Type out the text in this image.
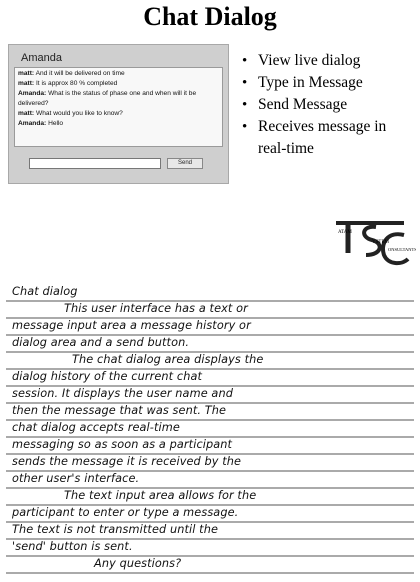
Chat Dialog
Amanda

matt: And it will be delivered on time

matt: It is approx 80 % completed

Amanda: What is the status of phase one and when will it be delivered?

matt: What would you like to know?

Amanda: Hello

Send
• View live dialog
• Type in Message
• Send Message
• Receives message in real-time
ATAM
YSTEM
ONSULTANTS
Chat dialog
This user interface has a text or
message input area a message history or
dialog area and a send button.
The chat dialog area displays the
dialog history of the current chat
session. It displays the user name and
then the message that was sent. The
chat dialog accepts real-time
messaging so as soon as a participant
sends the message it is received by the
other user's interface.
The text input area allows for the
participant to enter or type a message.
The text is not transmitted until the
'send' button is sent.
Any questions?
